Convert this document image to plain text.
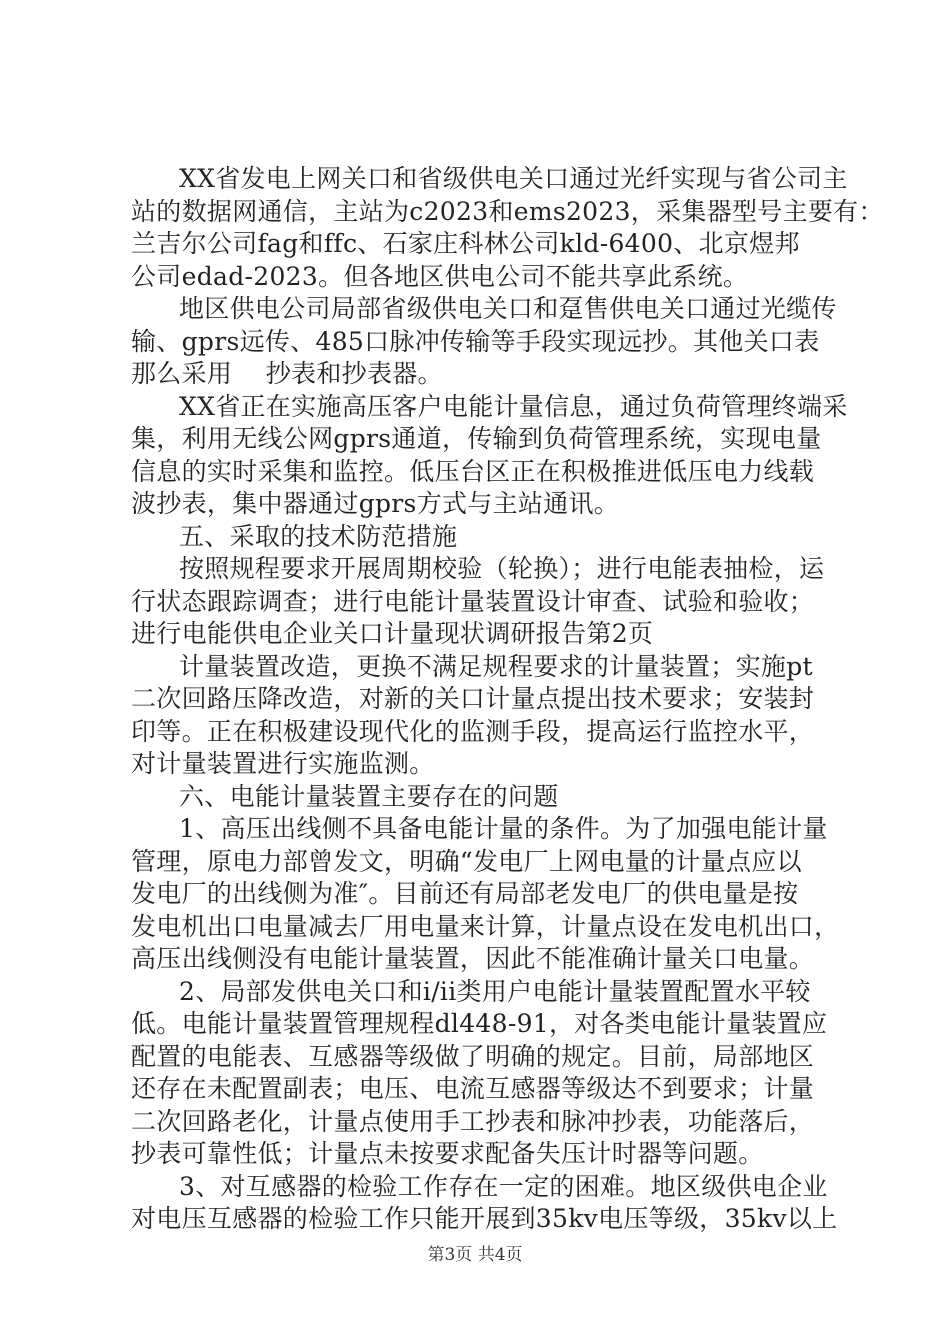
XX省发电上网关口和省级供电关口通过光纤实现与省公司主
站的数据网通信，主站为c2023和ems2023，采集器型号主要有：
兰吉尔公司fag和ffc、石家庄科林公司kld-6400、北京煜邦
公司edad-2023。但各地区供电公司不能共享此系统。
地区供电公司局部省级供电关口和趸售供电关口通过光缆传
输、gprs远传、485口脉冲传输等手段实现远抄。其他关口表
那么采用　 抄表和抄表器。
XX省正在实施高压客户电能计量信息，通过负荷管理终端采
集，利用无线公网gprs通道，传输到负荷管理系统，实现电量
信息的实时采集和监控。低压台区正在积极推进低压电力线载
波抄表，集中器通过gprs方式与主站通讯。
五、采取的技术防范措施
按照规程要求开展周期校验（轮换）；进行电能表抽检，运
行状态跟踪调查；进行电能计量装置设计审查、试验和验收；
进行电能供电企业关口计量现状调研报告第2页
计量装置改造，更换不满足规程要求的计量装置；实施pt
二次回路压降改造，对新的关口计量点提出技术要求；安装封
印等。正在积极建设现代化的监测手段，提高运行监控水平，
对计量装置进行实施监测。
六、电能计量装置主要存在的问题
1、高压出线侧不具备电能计量的条件。为了加强电能计量
管理，原电力部曾发文，明确“发电厂上网电量的计量点应以
发电厂的出线侧为准″。目前还有局部老发电厂的供电量是按
发电机出口电量减去厂用电量来计算，计量点设在发电机出口，
高压出线侧没有电能计量装置，因此不能准确计量关口电量。
2、局部发供电关口和i/ii类用户电能计量装置配置水平较
低。电能计量装置管理规程dl448-91，对各类电能计量装置应
配置的电能表、互感器等级做了明确的规定。目前，局部地区
还存在未配置副表；电压、电流互感器等级达不到要求；计量
二次回路老化，计量点使用手工抄表和脉冲抄表，功能落后，
抄表可靠性低；计量点未按要求配备失压计时器等问题。
3、对互感器的检验工作存在一定的困难。地区级供电企业
对电压互感器的检验工作只能开展到35kv电压等级，35kv以上
第3页 共4页
